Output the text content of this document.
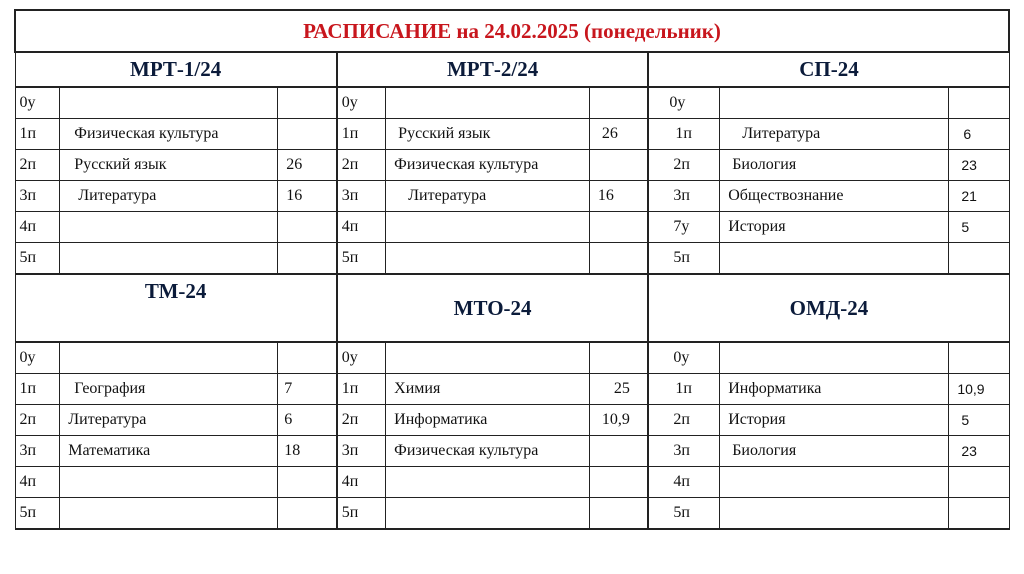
РАСПИСАНИЕ на 24.02.2025 (понедельник)								
МРТ-1/24			МРТ-2/24			СП-24		
0у			0у			0у		
1п	Физическая культура		1п	Русский язык	26	1п	Литература	6
2п	Русский язык	26	2п	Физическая культура		2п	Биология	23
3п	Литература	16	3п	Литература	16	3п	Обществознание	21
4п			4п			7у	История	5
5п			5п			5п		
ТМ-24			МТО-24			ОМД-24		
0у			0у			0у		
1п	География	7	1п	Химия	25	1п	Информатика	10,9
2п	Литература	6	2п	Информатика	10,9	2п	История	5
3п	Математика	18	3п	Физическая культура		3п	Биология	23
4п			4п			4п		
5п			5п			5п		
